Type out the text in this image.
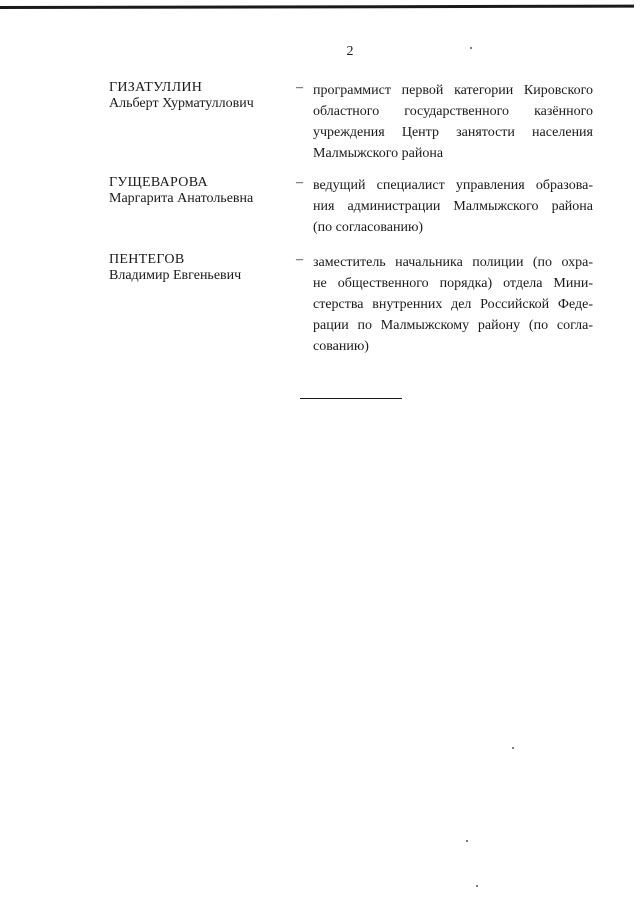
2
ГИЗАТУЛЛИН
Альберт Хурматуллович
– программист первой категории Кировского
областного государственного казённого
учреждения Центр занятости населения
Малмыжского района

ГУЩЕВАРОВА
Маргарита Анатольевна
– ведущий специалист управления образова-
ния администрации Малмыжского района
(по согласованию)

ПЕНТЕГОВ
Владимир Евгеньевич
– заместитель начальника полиции (по охра-
не общественного порядка) отдела Мини-
стерства внутренних дел Российской Феде-
рации по Малмыжскому району (по согла-
сованию)
